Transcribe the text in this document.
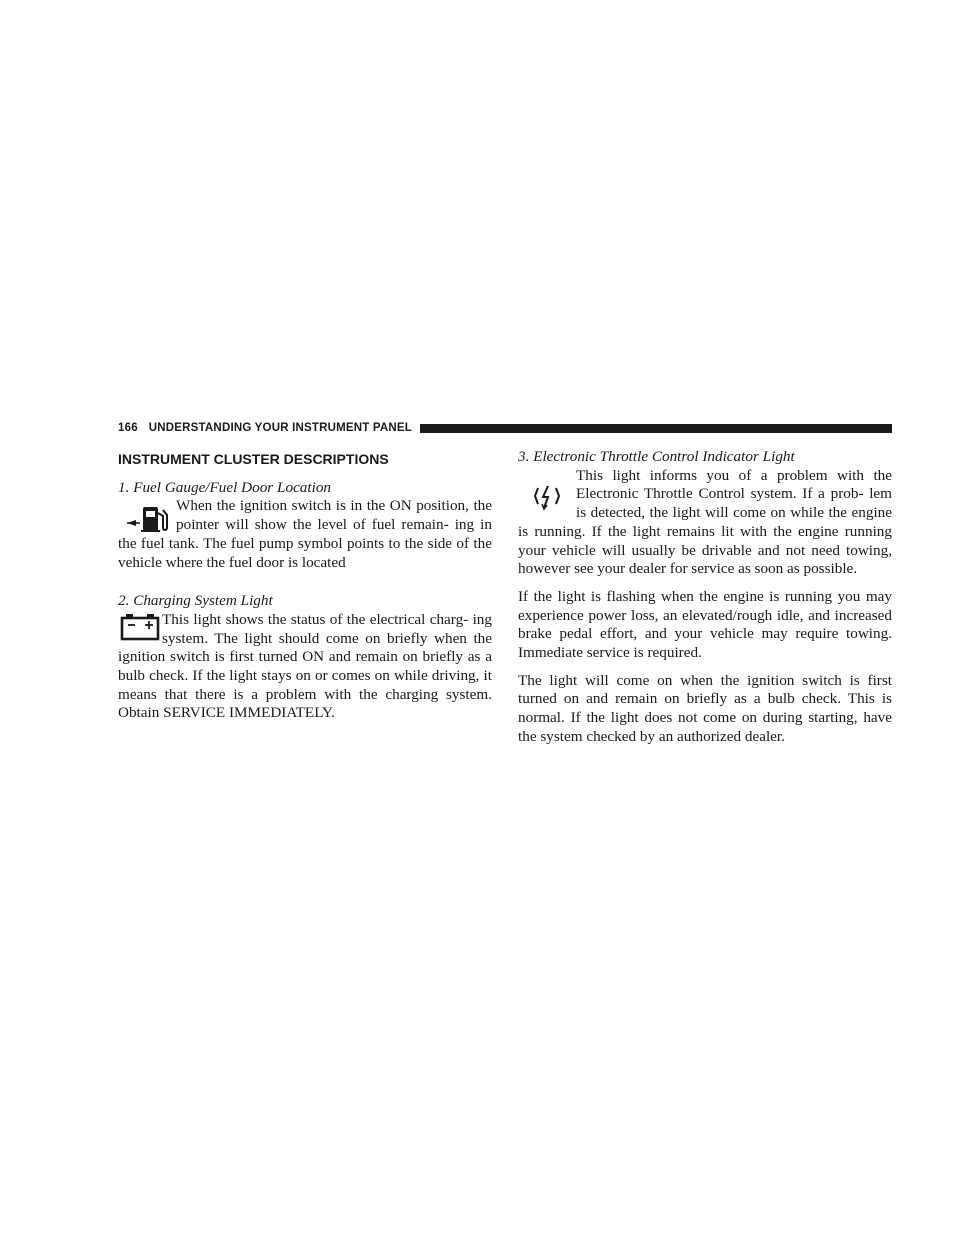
166 UNDERSTANDING YOUR INSTRUMENT PANEL
INSTRUMENT CLUSTER DESCRIPTIONS
1. Fuel Gauge/Fuel Door Location

When the ignition switch is in the ON position, the pointer will show the level of fuel remain- ing in the fuel tank. The fuel pump symbol points to the side of the vehicle where the fuel door is located

2. Charging System Light

This light shows the status of the electrical charg- ing system. The light should come on briefly when the ignition switch is first turned ON and remain on briefly as a bulb check. If the light stays on or comes on while driving, it means that there is a problem with the charging system. Obtain SERVICE IMMEDIATELY.

3. Electronic Throttle Control Indicator Light

This light informs you of a problem with the Electronic Throttle Control system. If a prob- lem is detected, the light will come on while the engine is running. If the light remains lit with the engine running your vehicle will usually be drivable and not need towing, however see your dealer for service as soon as possible.

If the light is flashing when the engine is running you may experience power loss, an elevated/rough idle, and increased brake pedal effort, and your vehicle may require towing. Immediate service is required.

The light will come on when the ignition switch is first turned on and remain on briefly as a bulb check. This is normal. If the light does not come on during starting, have the system checked by an authorized dealer.
